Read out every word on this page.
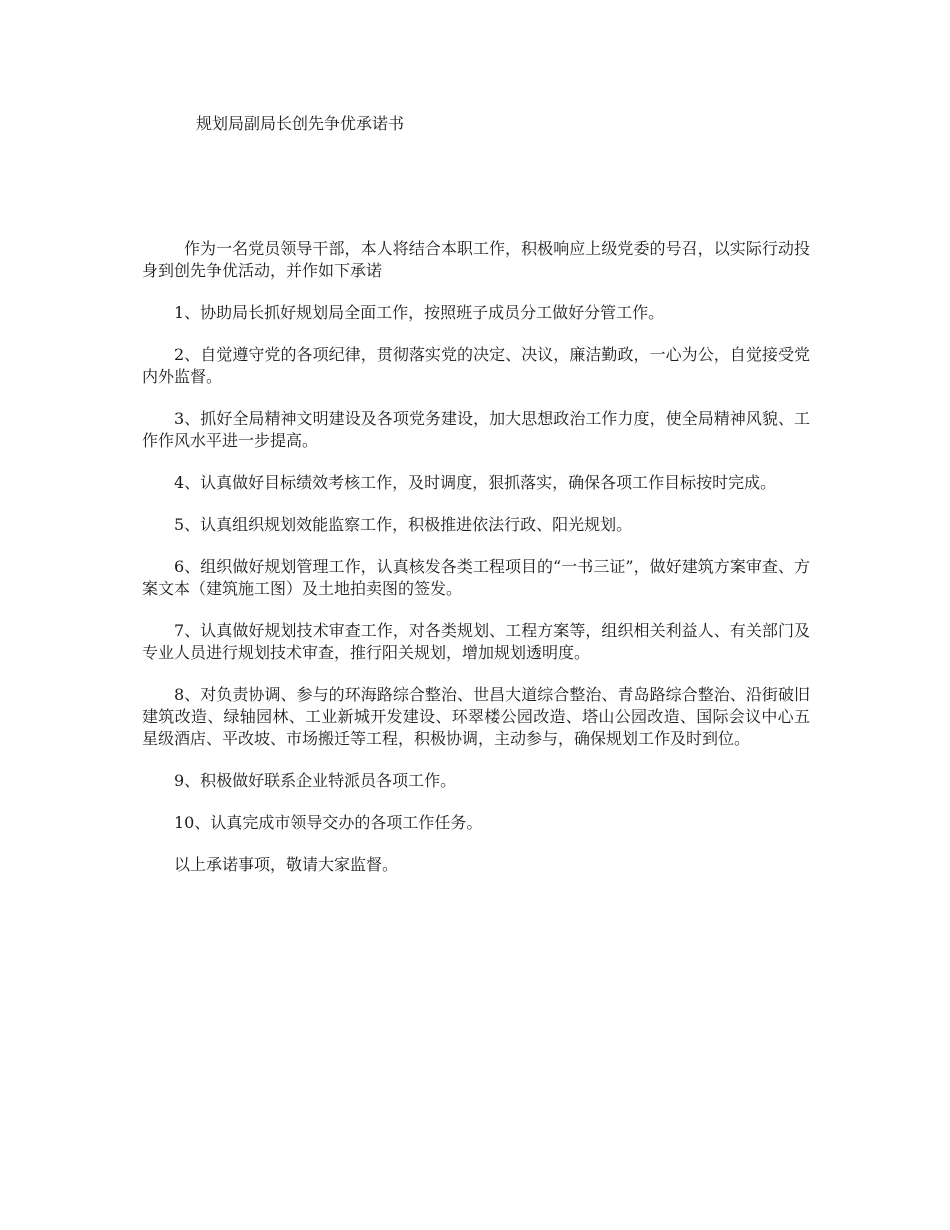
规划局副局长创先争优承诺书

作为一名党员领导干部，本人将结合本职工作，积极响应上级党委的号召，以实际行动投身到创先争优活动，并作如下承诺

1、协助局长抓好规划局全面工作，按照班子成员分工做好分管工作。

2、自觉遵守党的各项纪律，贯彻落实党的决定、决议，廉洁勤政，一心为公，自觉接受党内外监督。

3、抓好全局精神文明建设及各项党务建设，加大思想政治工作力度，使全局精神风貌、工作作风水平进一步提高。

4、认真做好目标绩效考核工作，及时调度，狠抓落实，确保各项工作目标按时完成。

5、认真组织规划效能监察工作，积极推进依法行政、阳光规划。

6、组织做好规划管理工作，认真核发各类工程项目的“一书三证”，做好建筑方案审查、方案文本（建筑施工图）及土地拍卖图的签发。

7、认真做好规划技术审查工作，对各类规划、工程方案等，组织相关利益人、有关部门及专业人员进行规划技术审查，推行阳关规划，增加规划透明度。

8、对负责协调、参与的环海路综合整治、世昌大道综合整治、青岛路综合整治、沿街破旧建筑改造、绿轴园林、工业新城开发建设、环翠楼公园改造、塔山公园改造、国际会议中心五星级酒店、平改坡、市场搬迁等工程，积极协调，主动参与，确保规划工作及时到位。

9、积极做好联系企业特派员各项工作。

10、认真完成市领导交办的各项工作任务。

以上承诺事项，敬请大家监督。
